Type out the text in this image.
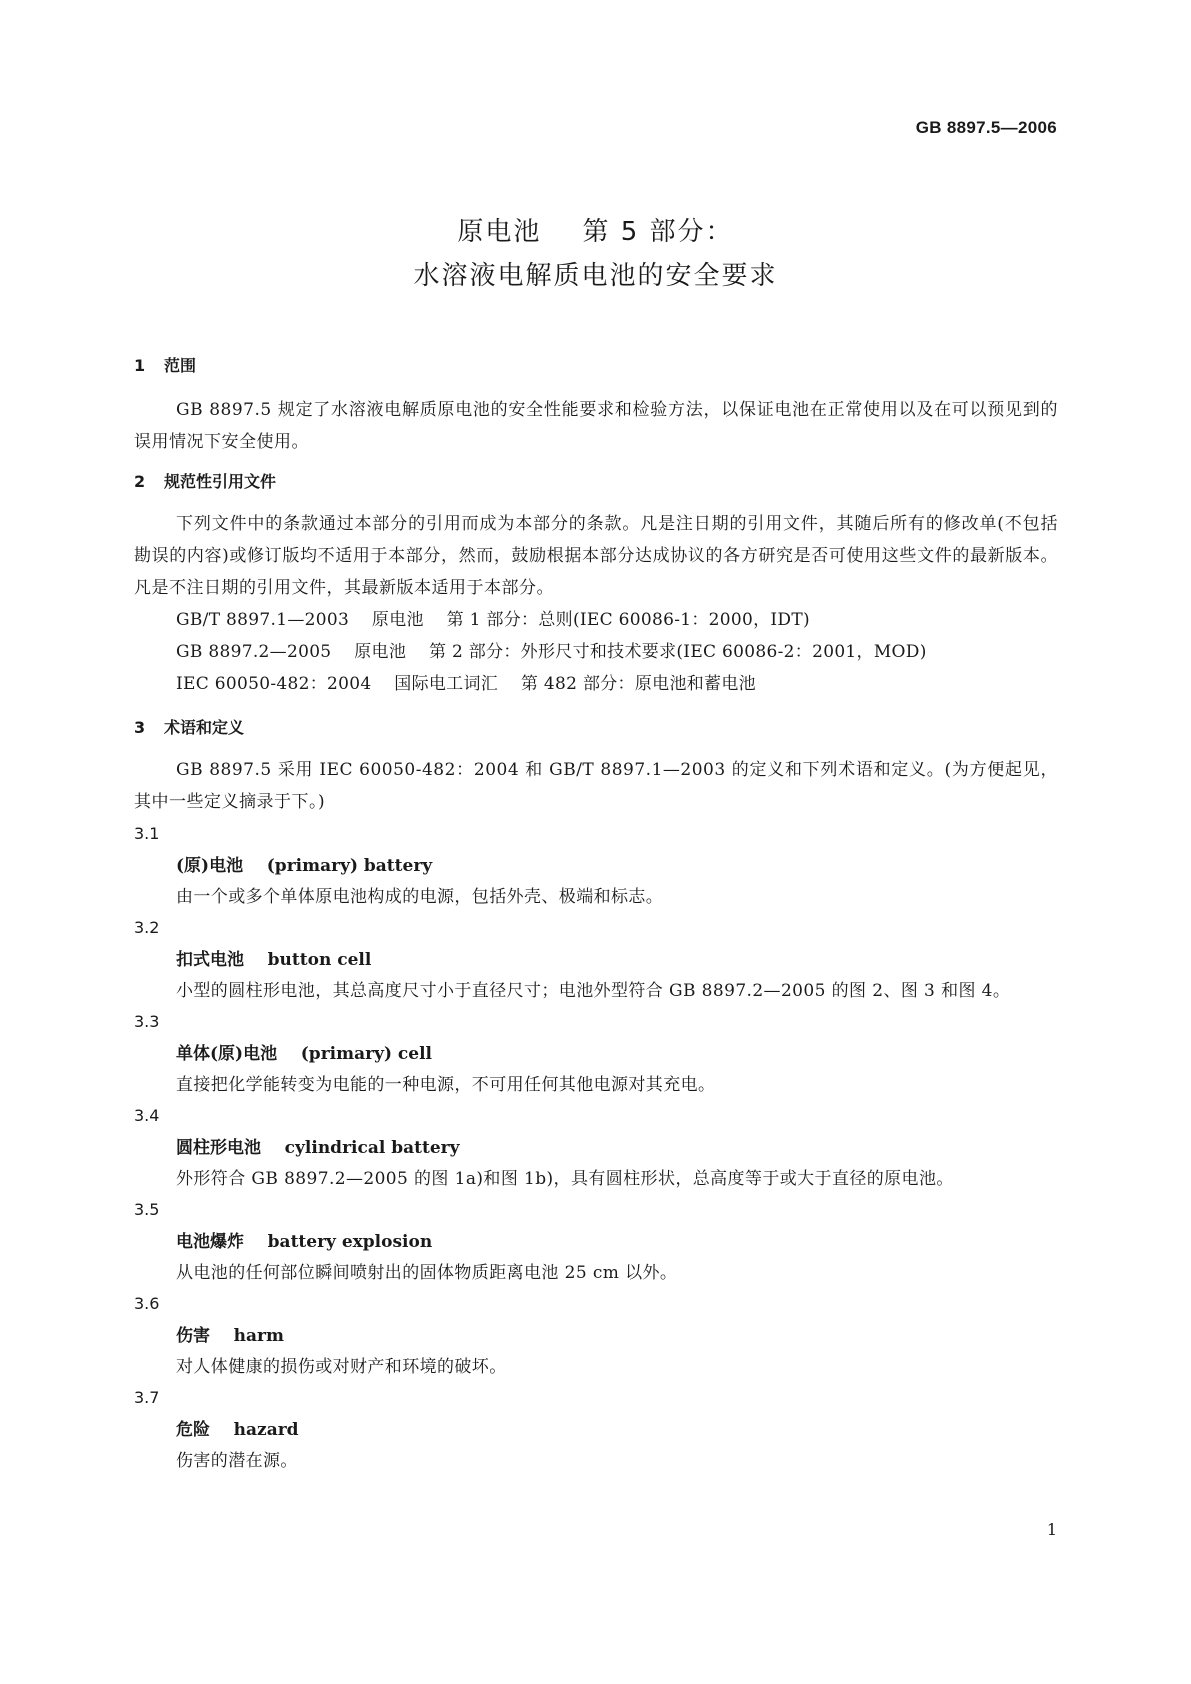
GB 8897.5—2006
原电池    第 5 部分：
水溶液电解质电池的安全要求
1 范围

GB 8897.5 规定了水溶液电解质原电池的安全性能要求和检验方法，以保证电池在正常使用以及在可以预见到的误用情况下安全使用。

2 规范性引用文件

下列文件中的条款通过本部分的引用而成为本部分的条款。凡是注日期的引用文件，其随后所有的修改单(不包括勘误的内容)或修订版均不适用于本部分，然而，鼓励根据本部分达成协议的各方研究是否可使用这些文件的最新版本。凡是不注日期的引用文件，其最新版本适用于本部分。

GB/T 8897.1—2003    原电池    第 1 部分：总则(IEC 60086-1：2000，IDT)

GB 8897.2—2005    原电池    第 2 部分：外形尺寸和技术要求(IEC 60086-2：2001，MOD)

IEC 60050-482：2004    国际电工词汇    第 482 部分：原电池和蓄电池

3 术语和定义

GB 8897.5 采用 IEC 60050-482：2004 和 GB/T 8897.1—2003 的定义和下列术语和定义。(为方便起见，其中一些定义摘录于下。)

3.1

(原)电池    (primary) battery

由一个或多个单体原电池构成的电源，包括外壳、极端和标志。

3.2

扣式电池    button cell

小型的圆柱形电池，其总高度尺寸小于直径尺寸；电池外型符合 GB 8897.2—2005 的图 2、图 3 和图 4。

3.3

单体(原)电池    (primary) cell

直接把化学能转变为电能的一种电源，不可用任何其他电源对其充电。

3.4

圆柱形电池    cylindrical battery

外形符合 GB 8897.2—2005 的图 1a)和图 1b)，具有圆柱形状，总高度等于或大于直径的原电池。

3.5

电池爆炸    battery explosion

从电池的任何部位瞬间喷射出的固体物质距离电池 25 cm 以外。

3.6

伤害    harm

对人体健康的损伤或对财产和环境的破坏。

3.7

危险    hazard

伤害的潜在源。

1
